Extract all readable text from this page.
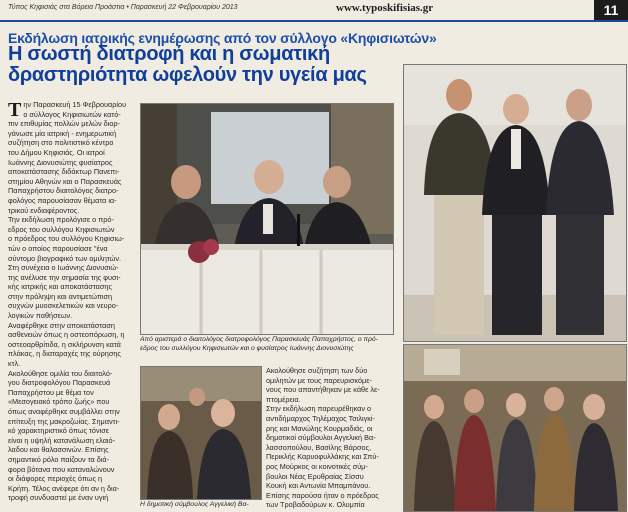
Τύπος Κηφισιάς στα Βόρεια Προάστια • Παρασκευή 22 Φεβρουαρίου 2013	www.typoskifisias.gr	11
Εκδήλωση ιατρικής ενημέρωσης από τον σύλλογο «Κηφισιωτών»
Η σωστή διατροφή και η σωματική
δραστηριότητα ωφελούν την υγεία μας
Τ ην Παρασκευή 15 Φεβρουαρίου
ο σύλλογος Κηφισιωτών κατό-
πιν επιθυμίας πολλών μελών διορ-
γάνωσε μία ιατρική - ενημερωτική
συζήτηση στο πολιτιστικό κέντρο
του Δήμου Κηφισιάς. Οι ιατροί
Ιωάννης Διονυσιώτης φυσίατρος
αποκατάστασης διδάκτωρ Πανεπι-
στημίου Αθηνών και ο Παρασκευάς
Παπαχρήστου διαιτολόγος διατρο-
φολόγος παρουσίασαν θέματα ια-
τρικού ενδιαφέροντος.
Την εκδήλωση προλόγισε ο πρό-
εδρος του συλλόγου Κηφισιωτών
ο πρόεδρος του συλλόγου Κηφισιω-
τών ο οποίος παρουσίασε "ένα
σύντομο βιογραφικό των ομιλητών.
Στη συνέχεια ο Ιωάννης Διονυσιώ-
της ανέλυσε την σημασία της φυσι-
κής ιατρικής και αποκατάστασης
στην πρόληψη και αντιμετώπιση
συχνών μυοσκελετικών και νευρο-
λογικών παθήσεων.
Αναφέρθηκε στην αποκατάσταση
ασθενειών όπως η οστεοπόρωση, η
οστεοαρθρίτιδα, η σκλήρυνση κατά
πλάκας, η διαταραχές της ούρησης
κτλ.
Ακολούθησε ομιλία του διαιτολό-
γου διατροφολόγου Παρασκευά
Παπαχρήστου με θέμα τον
«Μεσογειακό τρόπο ζωής» που
όπως αναφέρθηκε συμβάλλει στην
επίτευξη της μακροζωίας. Σημαντι-
κό χαρακτηριστικό όπως τόνισε
είναι η υψηλή κατανάλωση ελαιό-
λαδου και θαλασσινών. Επίσης
σημαντικό ρόλο παίζουν τα διά-
φορα βότανα που καταναλώνουν
οι διάφορες περιοχές όπως η
Κρήτη. Τέλος ανέφερε ότι αν η δια-
τροφή συνδυαστεί με έναν υγιή
Από αριστερά ο διαιτολόγος διατροφολόγος Παρασκευάς Παπαχρήστος, ο πρό-
εδρος του συλλόγου Κηφισιωτών και ο φυσίατρος Ιωάννης Διονυσιώτης
Ακολούθησε συζήτηση των δύο
ομιλητών με τους παρευρισκόμε-
νους που απαντήθηκαν με κάθε λε-
πτομέρεια.
Στην εκδήλωση παρευρέθηκαν ο
αντιδήμαρχος Τηλέμαχος Τσιλιγκί-
ρης και Μανώλης Κουρμαδιάς, οι
δημοτικοί σύμβουλοι Αγγελική Βα-
λασσοπούλου, Βασίλης Βάρσος,
Περικλής Καρυοφυλλάκης και Σπύ-
ρος Μούρκος οι κοινοτικές σύμ-
βουλοι Νέας Ερυθραίας Σίσσυ
Κουκή και Αντωνία Μπαμπάνου.
Επίσης παρούσα ήταν ο πρόεδρος
των Τροβαδούρων κ. Ολυμπία
Η δημοτική σύμβουλος Αγγελική Βα-
